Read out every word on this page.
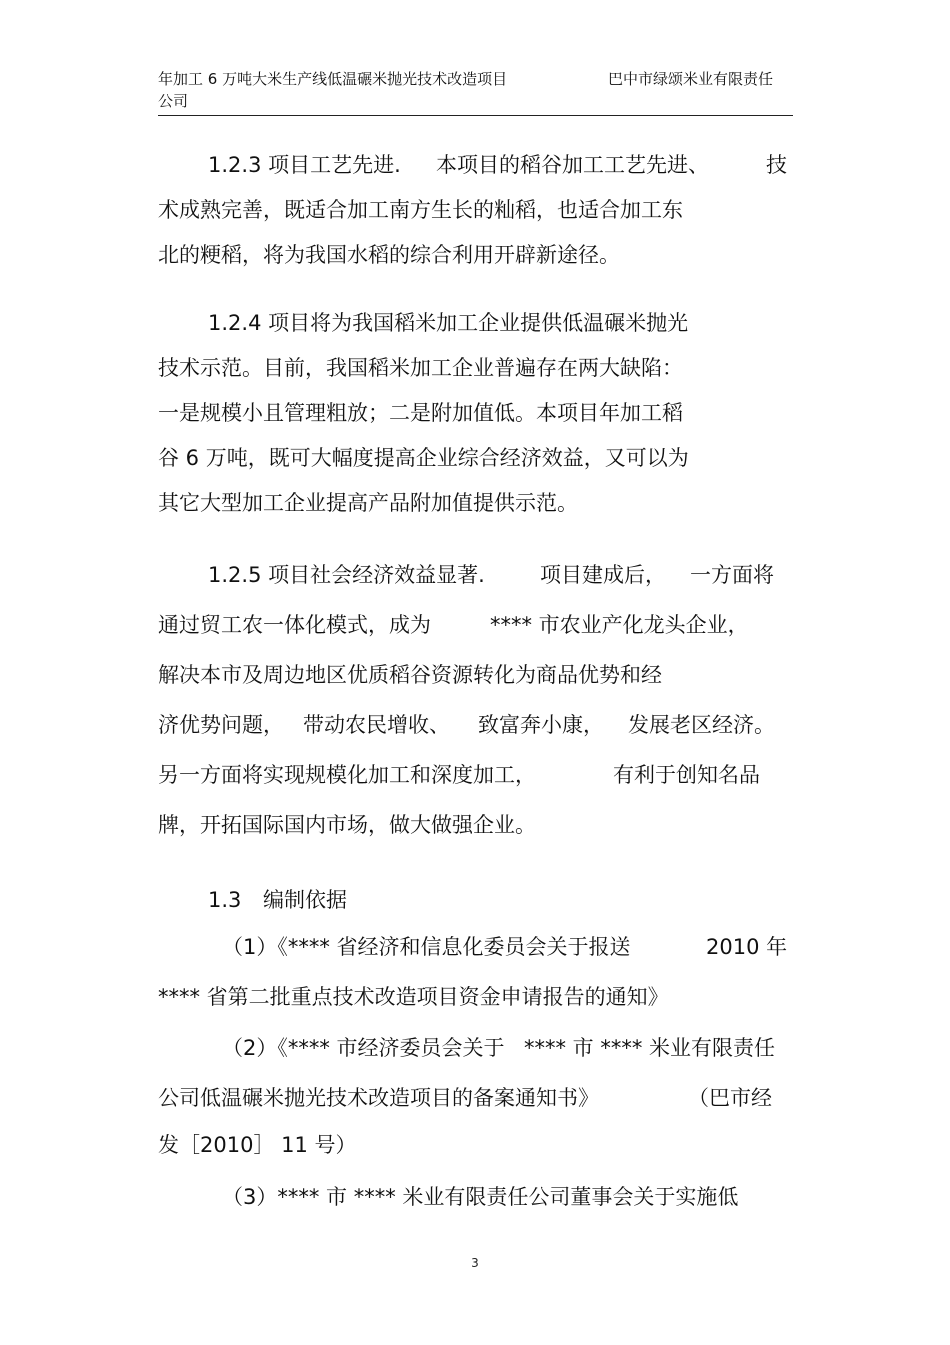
年加工 6 万吨大米生产线低温碾米抛光技术改造项目	巴中市绿颂米业有限责任
公司
1.2.3 项目工艺先进. 本项目的稻谷加工工艺先进、	技
术成熟完善，既适合加工南方生长的籼稻，也适合加工东
北的粳稻，将为我国水稻的综合利用开辟新途径。
1.2.4 项目将为我国稻米加工企业提供低温碾米抛光
技术示范。目前，我国稻米加工企业普遍存在两大缺陷：
一是规模小且管理粗放；二是附加值低。本项目年加工稻
谷 6 万吨，既可大幅度提高企业综合经济效益，又可以为
其它大型加工企业提高产品附加值提供示范。
1.2.5 项目社会经济效益显著.	项目建成后， 一方面将
通过贸工农一体化模式，成为	**** 市农业产化龙头企业，
解决本市及周边地区优质稻谷资源转化为商品优势和经
济优势问题， 带动农民增收、 致富奔小康， 发展老区经济。
另一方面将实现规模化加工和深度加工，	有利于创知名品
牌，开拓国际国内市场，做大做强企业。
1.3 编制依据
（1）《**** 省经济和信息化委员会关于报送	2010 年
**** 省第二批重点技术改造项目资金申请报告的通知》
（2）《**** 市经济委员会关于 **** 市 **** 米业有限责任
公司低温碾米抛光技术改造项目的备案通知书》	（巴市经
发［2010］ 11 号）
（3）**** 市 **** 米业有限责任公司董事会关于实施低
3
